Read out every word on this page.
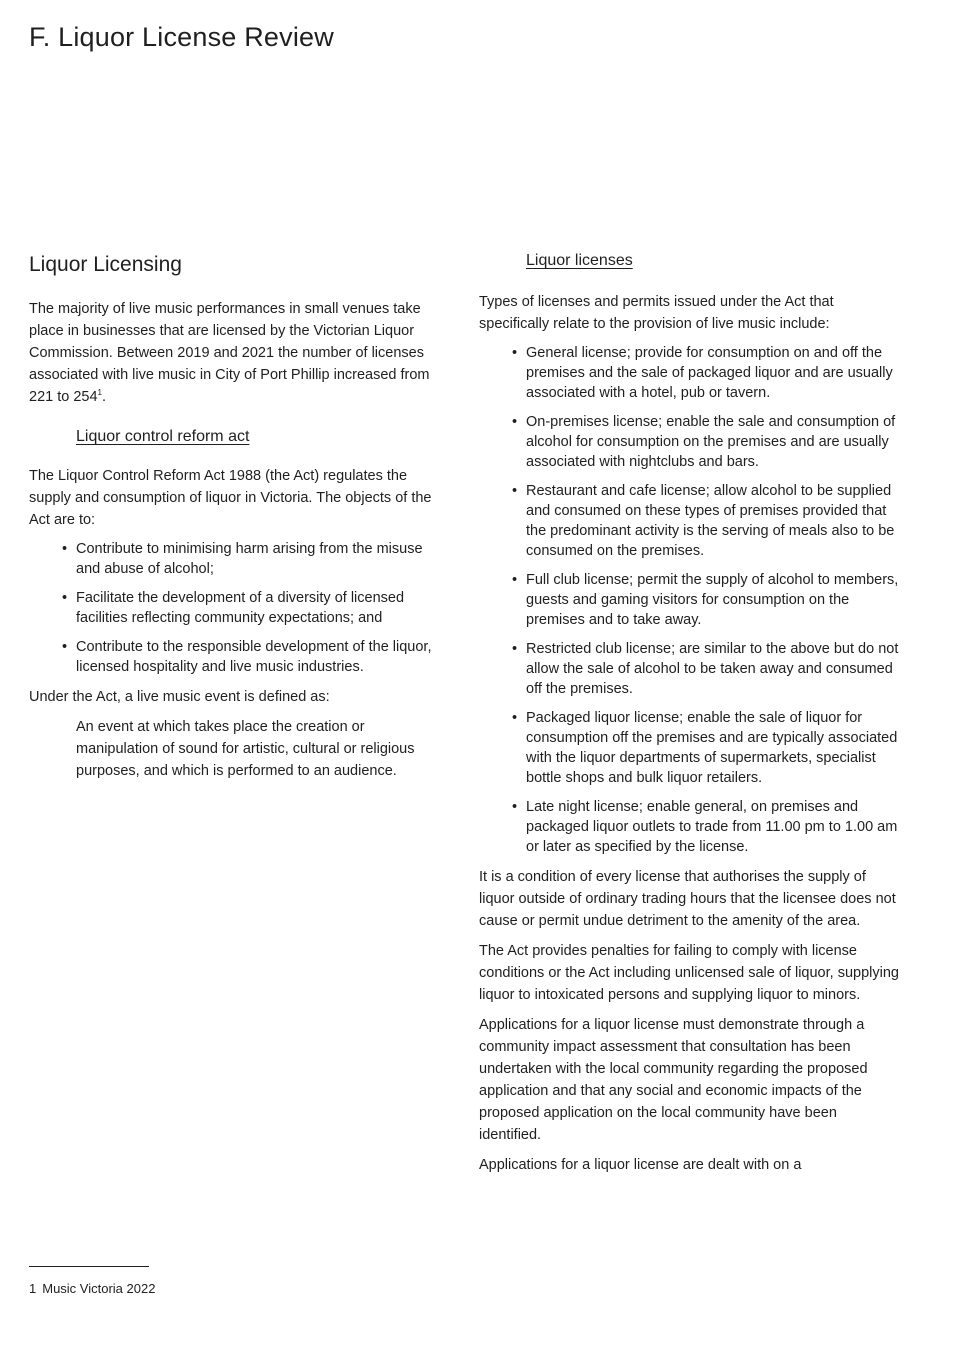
F. Liquor License Review
Liquor Licensing

The majority of live music performances in small venues take place in businesses that are licensed by the Victorian Liquor Commission. Between 2019 and 2021 the number of licenses associated with live music in City of Port Phillip increased from 221 to $254^1$.

Liquor control reform act

The Liquor Control Reform Act 1988 (the Act) regulates the supply and consumption of liquor in Victoria. The objects of the Act are to:

• Contribute to minimising harm arising from the misuse and abuse of alcohol;
• Facilitate the development of a diversity of licensed facilities reflecting community expectations; and
• Contribute to the responsible development of the liquor, licensed hospitality and live music industries.

Under the Act, a live music event is defined as:

An event at which takes place the creation or manipulation of sound for artistic, cultural or religious purposes, and which is performed to an audience.

Liquor licenses

Types of licenses and permits issued under the Act that specifically relate to the provision of live music include:

• General license; provide for consumption on and off the premises and the sale of packaged liquor and are usually associated with a hotel, pub or tavern.
• On-premises license; enable the sale and consumption of alcohol for consumption on the premises and are usually associated with nightclubs and bars.
• Restaurant and cafe license; allow alcohol to be supplied and consumed on these types of premises provided that the predominant activity is the serving of meals also to be consumed on the premises.
• Full club license; permit the supply of alcohol to members, guests and gaming visitors for consumption on the premises and to take away.
• Restricted club license; are similar to the above but do not allow the sale of alcohol to be taken away and consumed off the premises.
• Packaged liquor license; enable the sale of liquor for consumption off the premises and are typically associated with the liquor departments of supermarkets, specialist bottle shops and bulk liquor retailers.
• Late night license; enable general, on premises and packaged liquor outlets to trade from 11.00 pm to 1.00 am or later as specified by the license.

It is a condition of every license that authorises the supply of liquor outside of ordinary trading hours that the licensee does not cause or permit undue detriment to the amenity of the area.

The Act provides penalties for failing to comply with license conditions or the Act including unlicensed sale of liquor, supplying liquor to intoxicated persons and supplying liquor to minors.

Applications for a liquor license must demonstrate through a community impact assessment that consultation has been undertaken with the local community regarding the proposed application and that any social and economic impacts of the proposed application on the local community have been identified.

Applications for a liquor license are dealt with on a

1 Music Victoria 2022
